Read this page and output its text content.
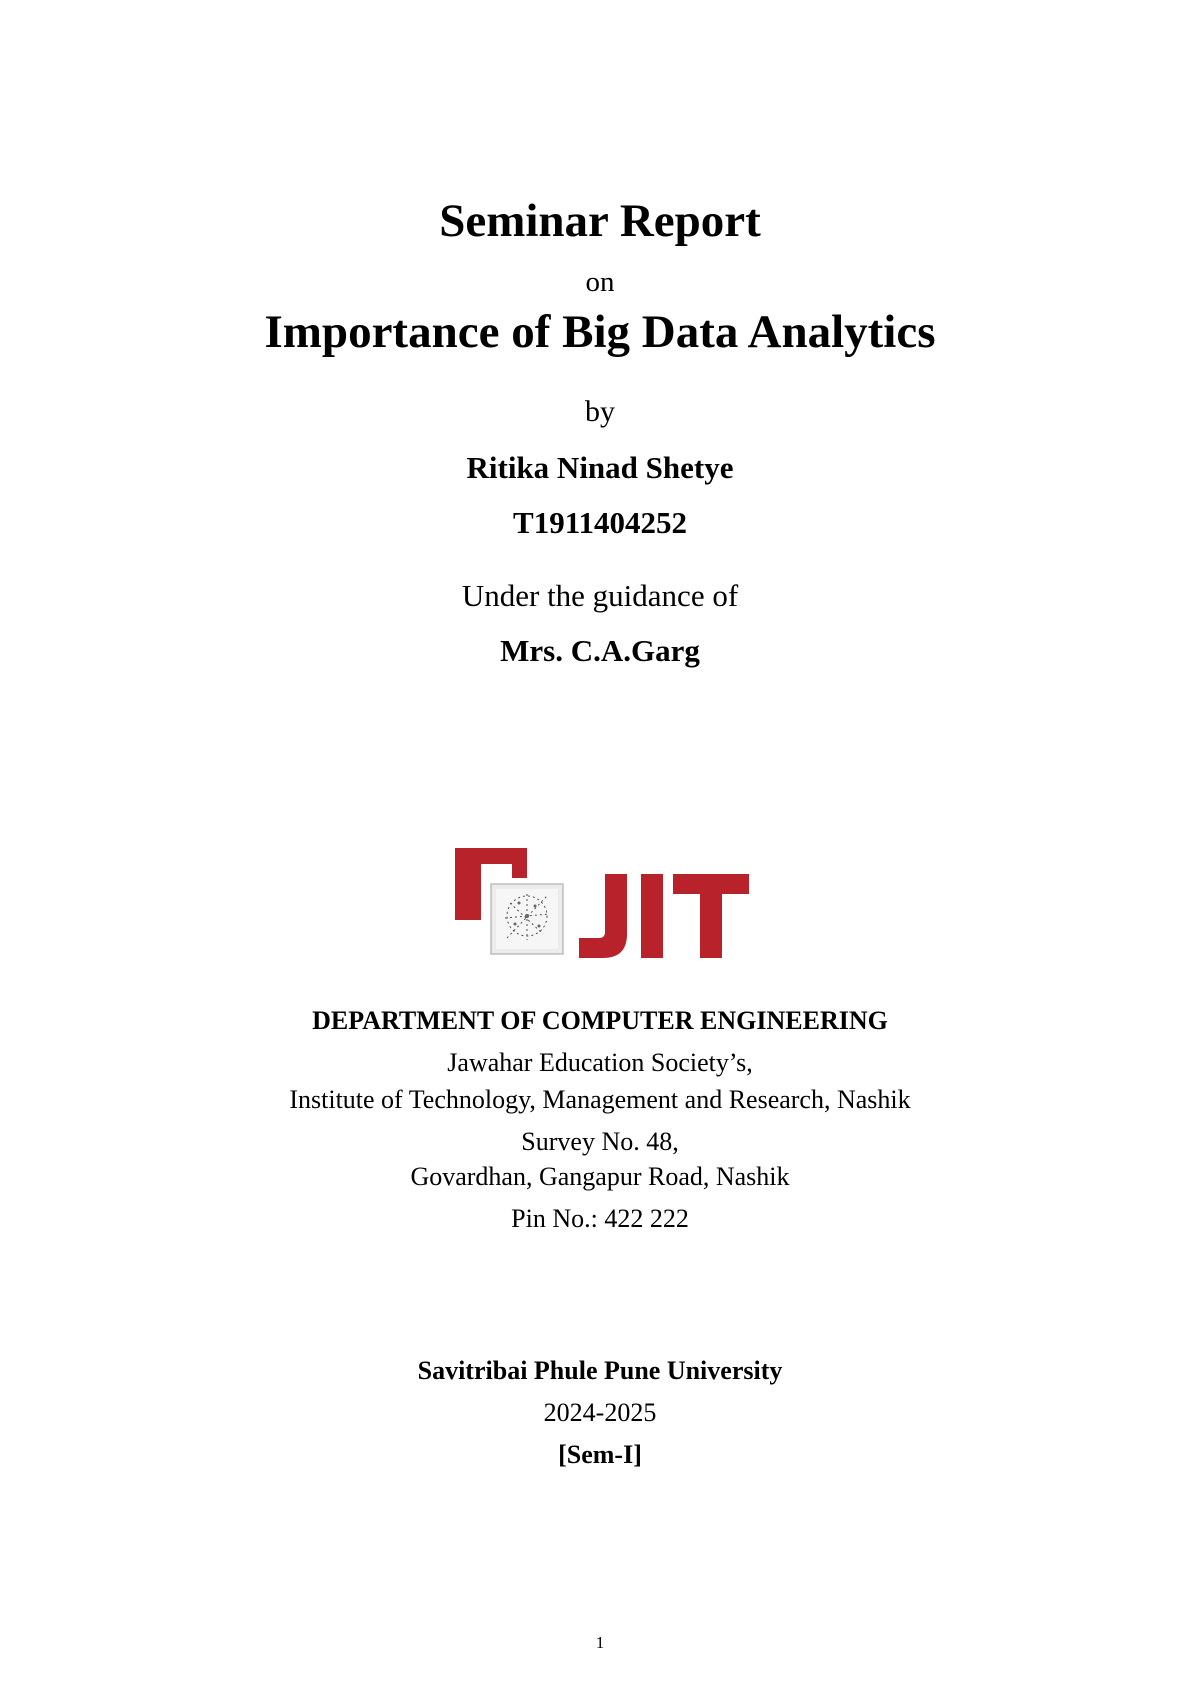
Seminar Report
on
Importance of Big Data Analytics
by
Ritika Ninad Shetye
T1911404252
Under the guidance of
Mrs. C.A.Garg
DEPARTMENT OF COMPUTER ENGINEERING
Jawahar Education Society’s,
Institute of Technology, Management and Research, Nashik
Survey No. 48,
Govardhan, Gangapur Road, Nashik
Pin No.: 422 222
Savitribai Phule Pune University
2024-2025
[Sem-I]
1
